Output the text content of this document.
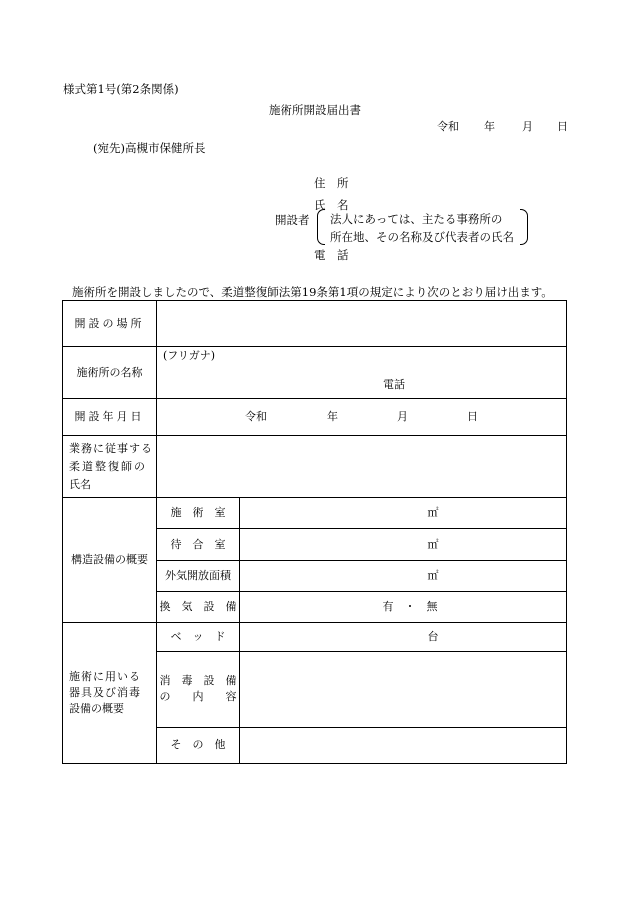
様式第1号(第2条関係)
施術所開設届出書
令和 年 月 日
(宛先)高槻市保健所長
住　所
氏　名
開設者 法人にあっては、主たる事務所の
所在地、その名称及び代表者の氏名
電　話
施術所を開設しましたので、柔道整復師法第19条第1項の規定により次のとおり届け出ます。
開設の場所		
施術所の名称	(フリガナ)
電話	

開設年月日	令和 年 月 日	

業務に従事する
柔道整復師の
氏名		

構造設備の概要	施　術　室	㎡
	待　合　室	㎡
	外気開放面積	㎡
	換　気　設　備	有　・　無

施術に用いる
器具及び消毒
設備の概要	ベ　ッ　ド	台

	消　毒　設　備
の　　内　　容	

	そ　の　他	
